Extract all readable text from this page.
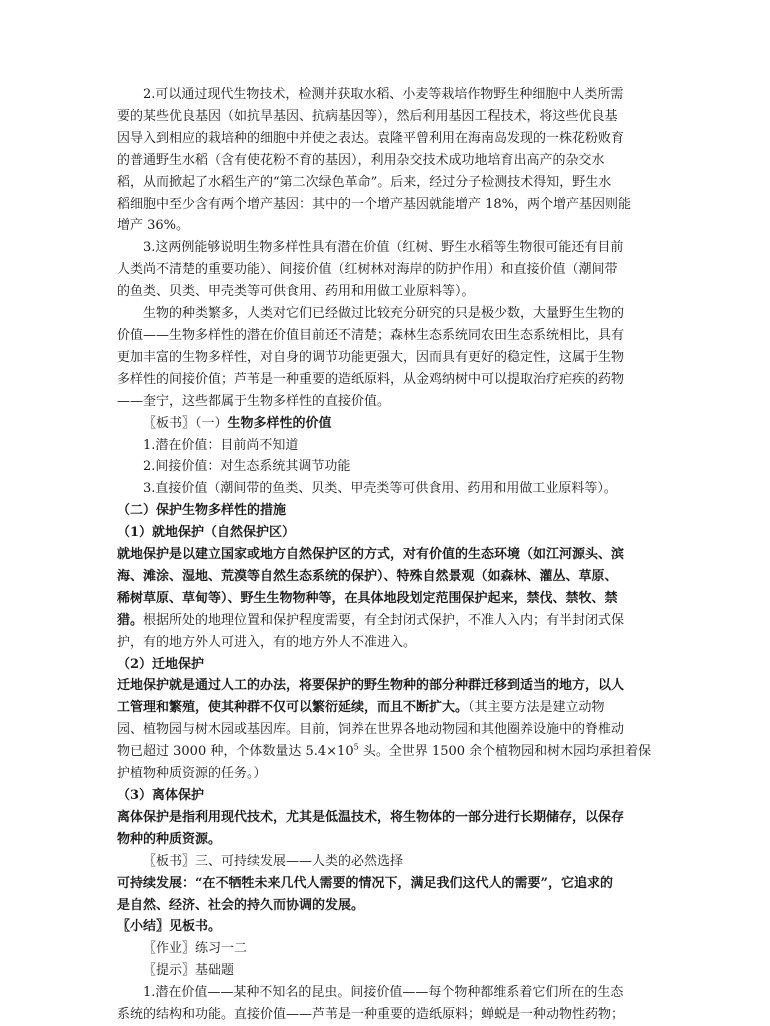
2.可以通过现代生物技术，检测并获取水稻、小麦等栽培作物野生种细胞中人类所需

要的某些优良基因（如抗旱基因、抗病基因等），然后利用基因工程技术，将这些优良基

因导入到相应的栽培种的细胞中并使之表达。袁隆平曾利用在海南岛发现的一株花粉败育

的普通野生水稻（含有使花粉不育的基因），利用杂交技术成功地培育出高产的杂交水

稻，从而掀起了水稻生产的“第二次绿色革命”。后来，经过分子检测技术得知，野生水

稻细胞中至少含有两个增产基因：其中的一个增产基因就能增产 18%，两个增产基因则能

增产 36%。

3.这两例能够说明生物多样性具有潜在价值（红树、野生水稻等生物很可能还有目前

人类尚不清楚的重要功能）、间接价值（红树林对海岸的防护作用）和直接价值（潮间带

的鱼类、贝类、甲壳类等可供食用、药用和用做工业原料等）。

生物的种类繁多，人类对它们已经做过比较充分研究的只是极少数，大量野生生物的

价值——生物多样性的潜在价值目前还不清楚；森林生态系统同农田生态系统相比，具有

更加丰富的生物多样性，对自身的调节功能更强大，因而具有更好的稳定性，这属于生物

多样性的间接价值；芦苇是一种重要的造纸原料，从金鸡纳树中可以提取治疗疟疾的药物

——奎宁，这些都属于生物多样性的直接价值。

〖板书〗（一）生物多样性的价值

1.潜在价值：目前尚不知道

2.间接价值：对生态系统其调节功能

3.直接价值（潮间带的鱼类、贝类、甲壳类等可供食用、药用和用做工业原料等）。

（二）保护生物多样性的措施

（1）就地保护（自然保护区）

就地保护是以建立国家或地方自然保护区的方式，对有价值的生态环境（如江河源头、滨

海、滩涂、湿地、荒漠等自然生态系统的保护）、特殊自然景观（如森林、灌丛、草原、

稀树草原、草甸等）、野生生物物种等，在具体地段划定范围保护起来，禁伐、禁牧、禁

猎。根据所处的地理位置和保护程度需要，有全封闭式保护，不准人入内；有半封闭式保

护，有的地方外人可进入，有的地方外人不准进入。

（2）迁地保护

迁地保护就是通过人工的办法，将要保护的野生物种的部分种群迁移到适当的地方，以人

工管理和繁殖，使其种群不仅可以繁衍延续，而且不断扩大。（其主要方法是建立动物

园、植物园与树木园或基因库。目前，饲养在世界各地动物园和其他圈养设施中的脊椎动

物已超过 3000 种，个体数量达 $5.4\times 10^5$ 头。全世界 1500 余个植物园和树木园均承担着保

护植物种质资源的任务。）

（3）离体保护

离体保护是指利用现代技术，尤其是低温技术，将生物体的一部分进行长期储存，以保存

物种的种质资源。

〖板书〗三、可持续发展——人类的必然选择

可持续发展：“在不牺牲未来几代人需要的情况下，满足我们这代人的需要”，它追求的

是自然、经济、社会的持久而协调的发展。

〖小结〗见板书。

〖作业〗练习一二

〖提示〗基础题

1.潜在价值——某种不知名的昆虫。间接价值——每个物种都维系着它们所在的生态

系统的结构和功能。直接价值——芦苇是一种重要的造纸原料；蝉蜕是一种动物性药物；
